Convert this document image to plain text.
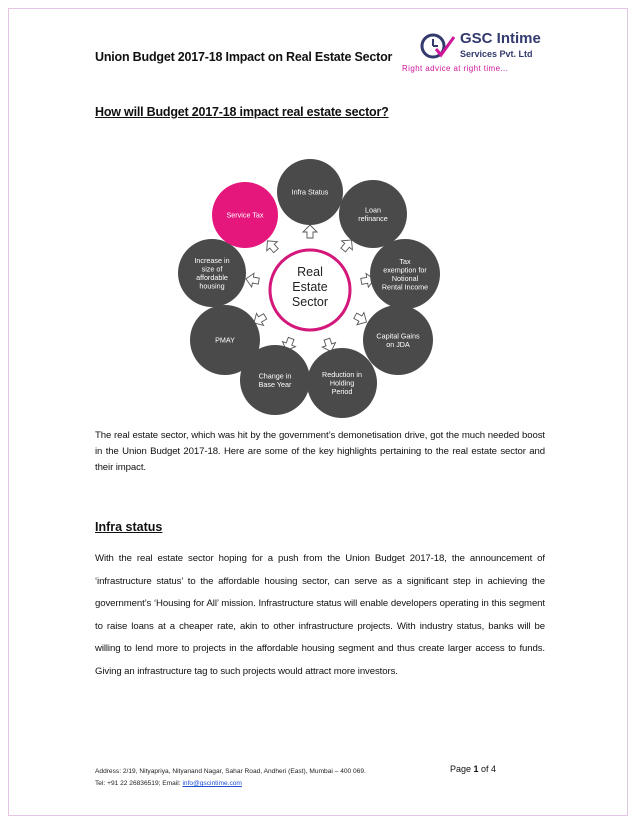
Union Budget 2017-18 Impact on Real Estate Sector
GSC Intime
Services Pvt. Ltd
Right advice at right time...
How will Budget 2017-18 impact real estate sector?
Real
Estate
Sector
Infra Status
Loan
refinance
Tax
exemption for
Notional
Rental Income
Capital Gains
on JDA
Reduction in
Holding
Period
Change in
Base Year
PMAY
Increase in
size of
affordable
housing
Service Tax
The real estate sector, which was hit by the government’s demonetisation drive, got the much needed boost in the Union Budget 2017-18. Here are some of the key highlights pertaining to the real estate sector and their impact.
Infra status
With the real estate sector hoping for a push from the Union Budget 2017-18, the announcement of ‘infrastructure status’ to the affordable housing sector, can serve as a significant step in achieving the government’s ‘Housing for All’ mission. Infrastructure status will enable developers operating in this segment to raise loans at a cheaper rate, akin to other infrastructure projects. With industry status, banks will be willing to lend more to projects in the affordable housing segment and thus create larger access to funds. Giving an infrastructure tag to such projects would attract more investors.
Address: 2/19, Nityapriya, Nityanand Nagar, Sahar Road, Andheri (East), Mumbai – 400 069.
Tel: +91 22 26836519; Email: info@gscintime.com
Page 1 of 4
